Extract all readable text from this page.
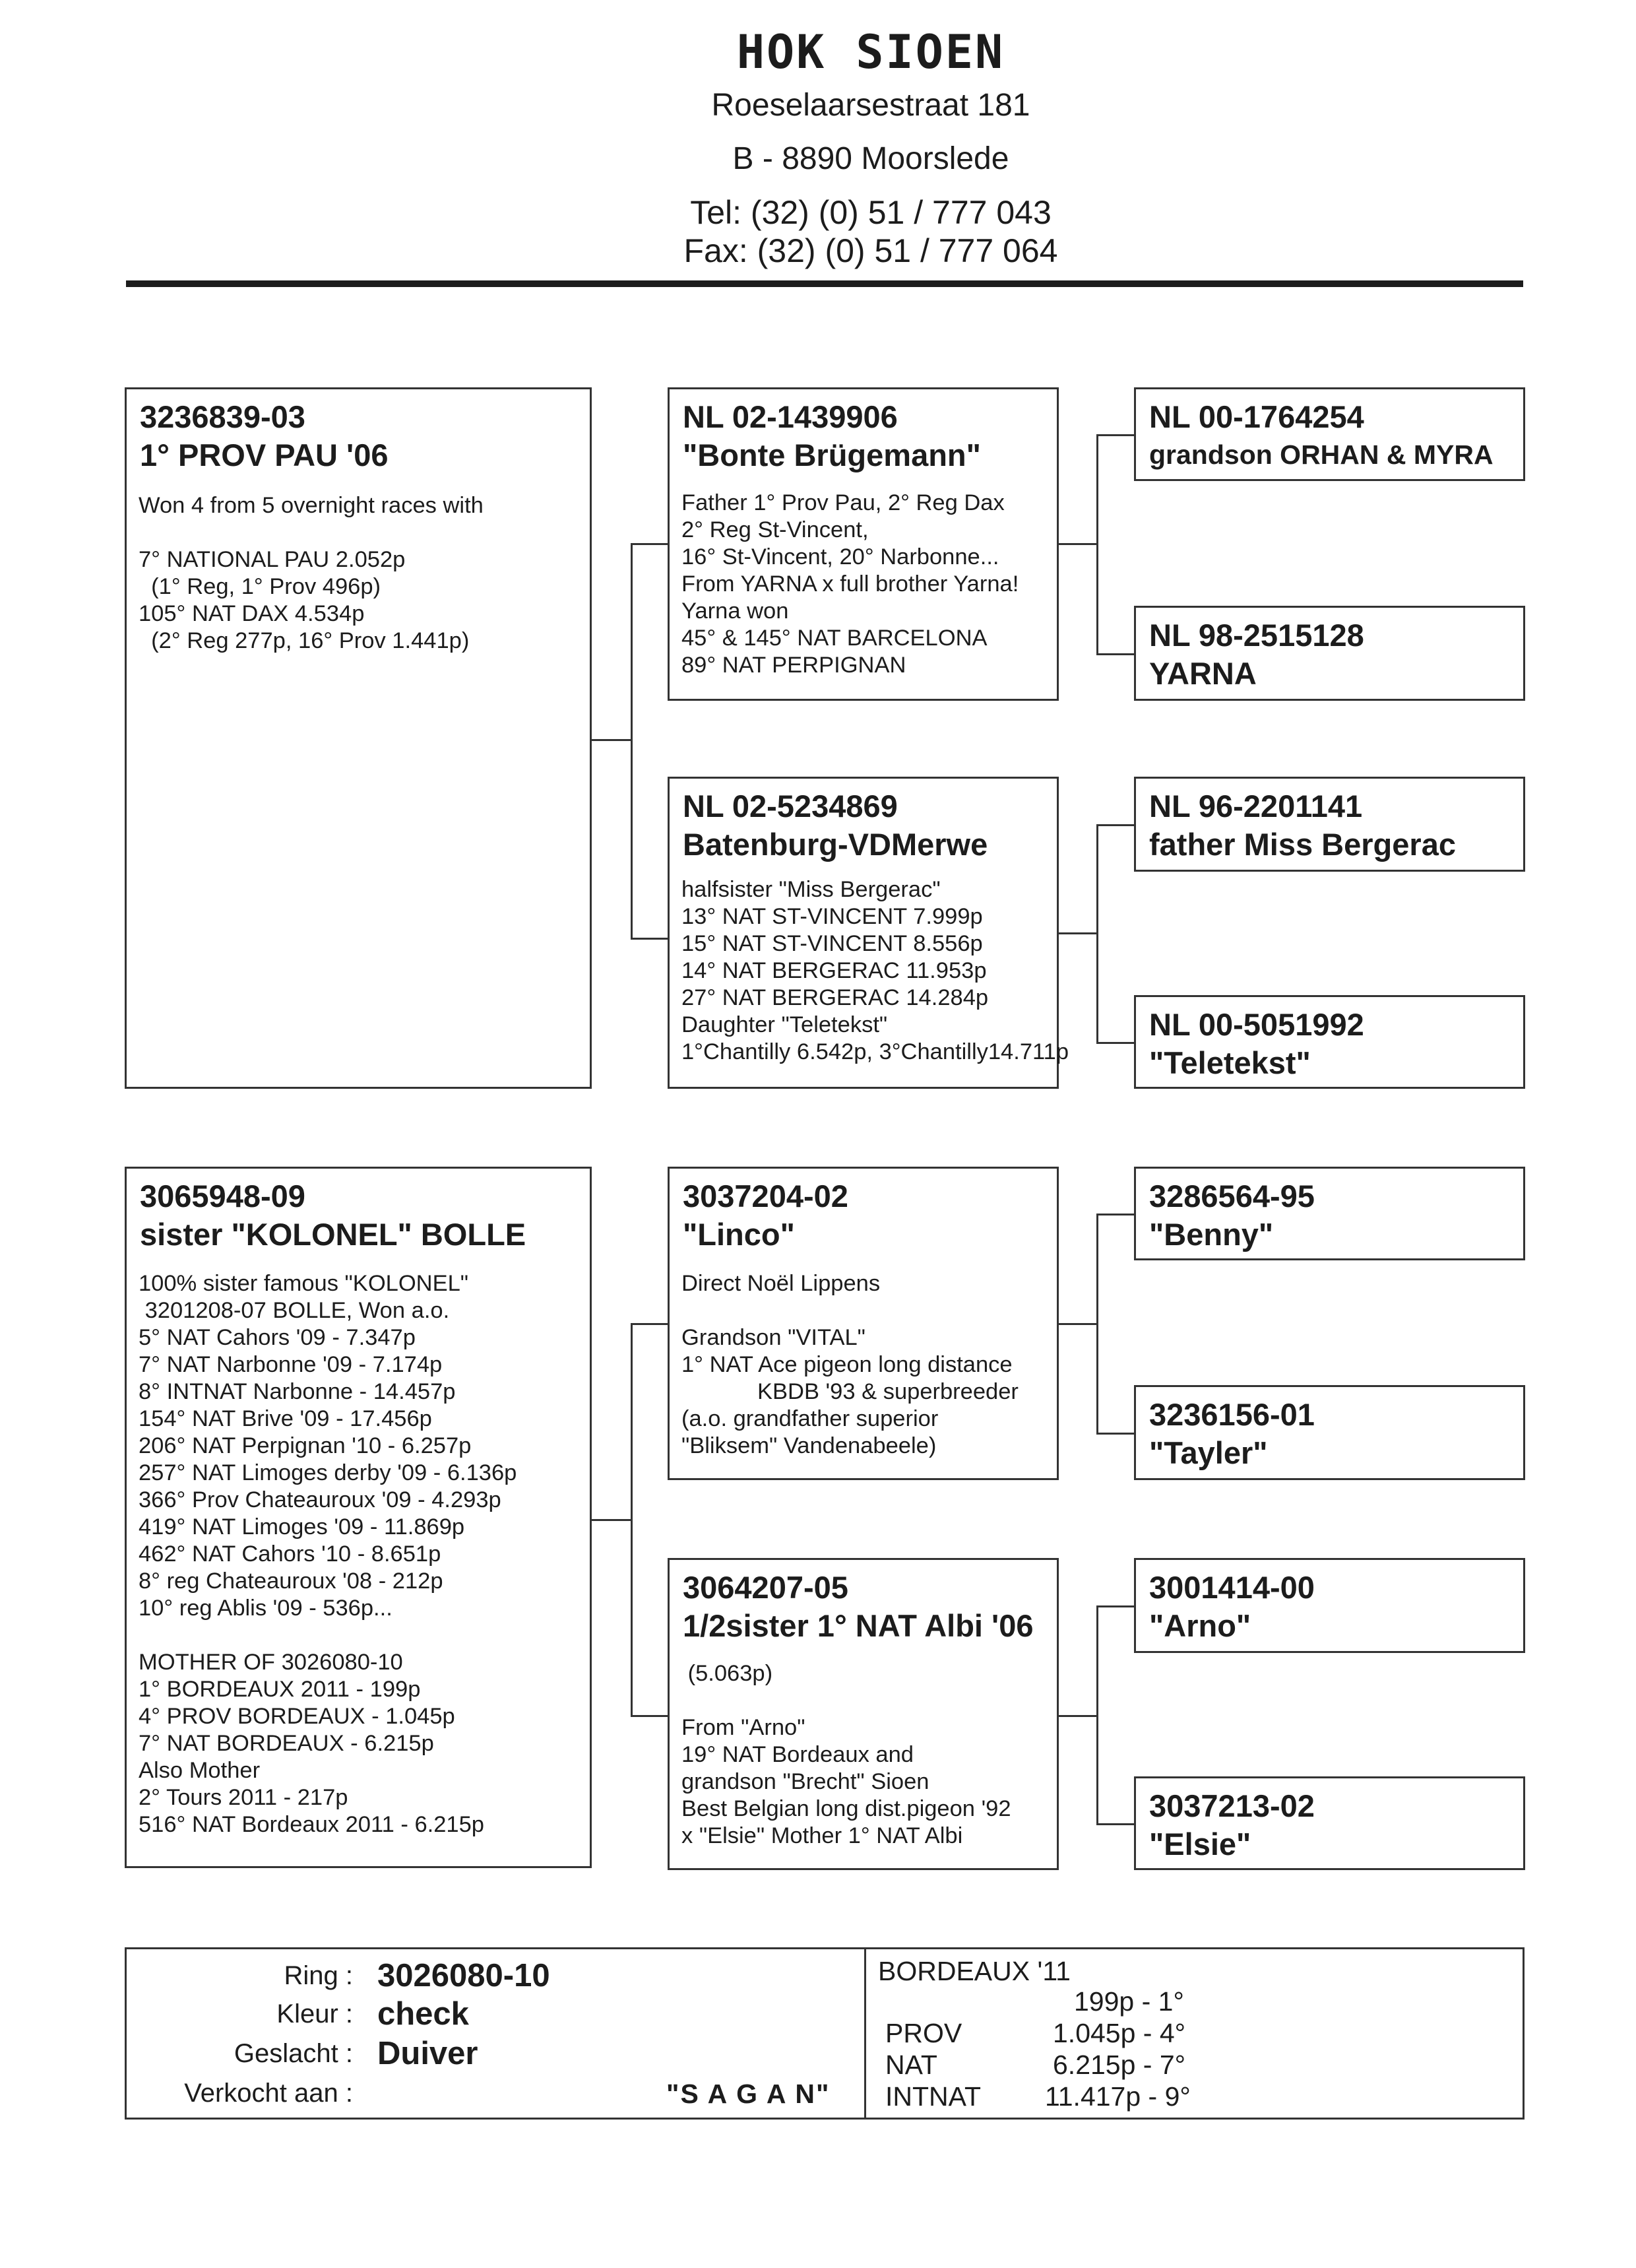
HOK SIOEN
Roeselaarsestraat 181
B - 8890 Moorslede
Tel: (32) (0) 51 / 777 043
Fax: (32) (0) 51 / 777 064
3236839-03
1° PROV PAU '06
Won 4 from 5 overnight races with

7° NATIONAL PAU 2.052p
(1° Reg, 1° Prov 496p)
105° NAT DAX 4.534p
(2° Reg 277p, 16° Prov 1.441p)
3065948-09
sister "KOLONEL" BOLLE
100% sister famous "KOLONEL"
3201208-07 BOLLE, Won a.o.
5° NAT Cahors '09 - 7.347p
7° NAT Narbonne '09 - 7.174p
8° INTNAT Narbonne - 14.457p
154° NAT Brive '09 - 17.456p
206° NAT Perpignan '10 - 6.257p
257° NAT Limoges derby '09 - 6.136p
366° Prov Chateauroux '09 - 4.293p
419° NAT Limoges '09 - 11.869p
462° NAT Cahors '10 - 8.651p
8° reg Chateauroux '08 - 212p
10° reg Ablis '09 - 536p...

MOTHER OF 3026080-10
1° BORDEAUX 2011 - 199p
4° PROV BORDEAUX - 1.045p
7° NAT BORDEAUX - 6.215p
Also Mother
2° Tours 2011 - 217p
516° NAT Bordeaux 2011 - 6.215p
NL 02-1439906
"Bonte Brügemann"
Father 1° Prov Pau, 2° Reg Dax
2° Reg St-Vincent,
16° St-Vincent, 20° Narbonne...
From YARNA x full brother Yarna!
Yarna won
45° & 145° NAT BARCELONA
89° NAT PERPIGNAN
NL 02-5234869
Batenburg-VDMerwe
halfsister "Miss Bergerac"
13° NAT ST-VINCENT 7.999p
15° NAT ST-VINCENT 8.556p
14° NAT BERGERAC 11.953p
27° NAT BERGERAC 14.284p
Daughter "Teletekst"
1°Chantilly 6.542p, 3°Chantilly14.711p
3037204-02
"Linco"
Direct Noël Lippens

Grandson "VITAL"
1° NAT Ace pigeon long distance
KBDB '93 & superbreeder
(a.o. grandfather superior
"Bliksem" Vandenabeele)
3064207-05
1/2sister 1° NAT Albi '06
(5.063p)

From "Arno"
19° NAT Bordeaux and
grandson "Brecht" Sioen
Best Belgian long dist.pigeon '92
x "Elsie" Mother 1° NAT Albi
NL 00-1764254
grandson ORHAN & MYRA
NL 98-2515128
YARNA
NL 96-2201141
father Miss Bergerac
NL 00-5051992
"Teletekst"
3286564-95
"Benny"
3236156-01
"Tayler"
3001414-00
"Arno"
3037213-02
"Elsie"
Ring : 3026080-10
Kleur : check
Geslacht : Duiver
Verkocht aan :	"S A G A N"
BORDEAUX '11
PROV
NAT
INTNAT
199p - 1°
1.045p - 4°
6.215p - 7°
11.417p - 9°
